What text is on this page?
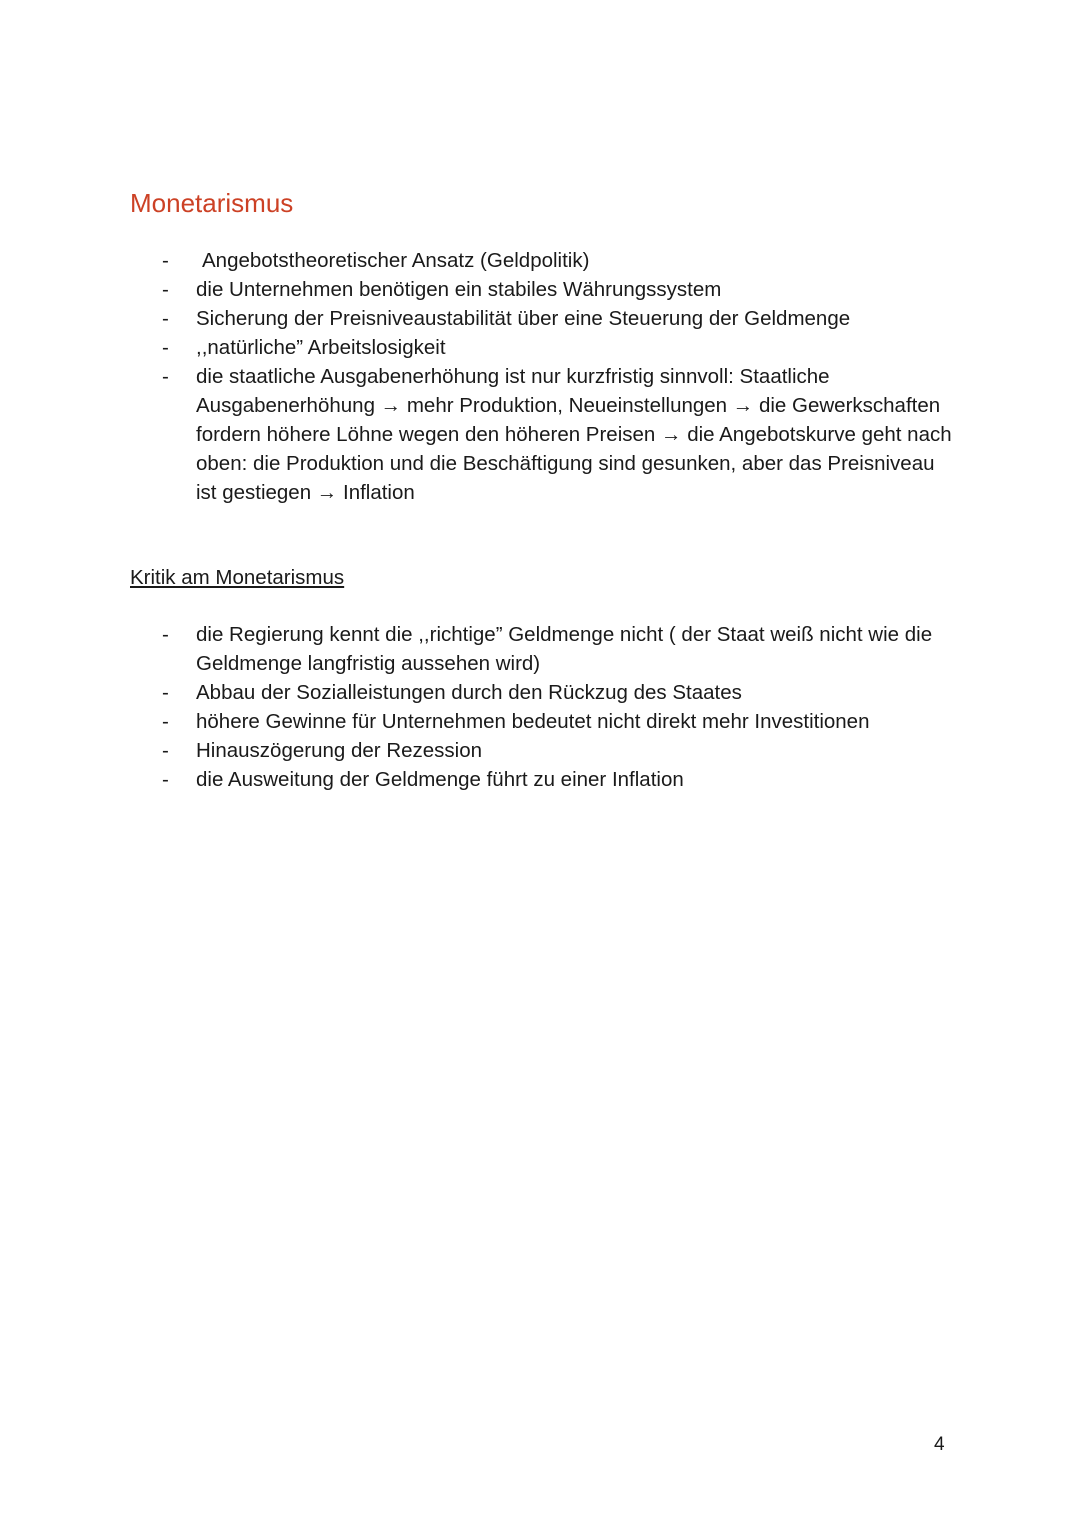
Monetarismus
- Angebotstheoretischer Ansatz (Geldpolitik)
- die Unternehmen benötigen ein stabiles Währungssystem
- Sicherung der Preisniveaustabilität über eine Steuerung der Geldmenge
- ,,natürliche” Arbeitslosigkeit
- die staatliche Ausgabenerhöhung ist nur kurzfristig sinnvoll: Staatliche Ausgabenerhöhung → mehr Produktion, Neueinstellungen → die Gewerkschaften fordern höhere Löhne wegen den höheren Preisen → die Angebotskurve geht nach oben: die Produktion und die Beschäftigung sind gesunken, aber das Preisniveau ist gestiegen → Inflation
Kritik am Monetarismus
- die Regierung kennt die ,,richtige” Geldmenge nicht ( der Staat weiß nicht wie die Geldmenge langfristig aussehen wird)
- Abbau der Sozialleistungen durch den Rückzug des Staates
- höhere Gewinne für Unternehmen bedeutet nicht direkt mehr Investitionen
- Hinauszögerung der Rezession
- die Ausweitung der Geldmenge führt zu einer Inflation
4
